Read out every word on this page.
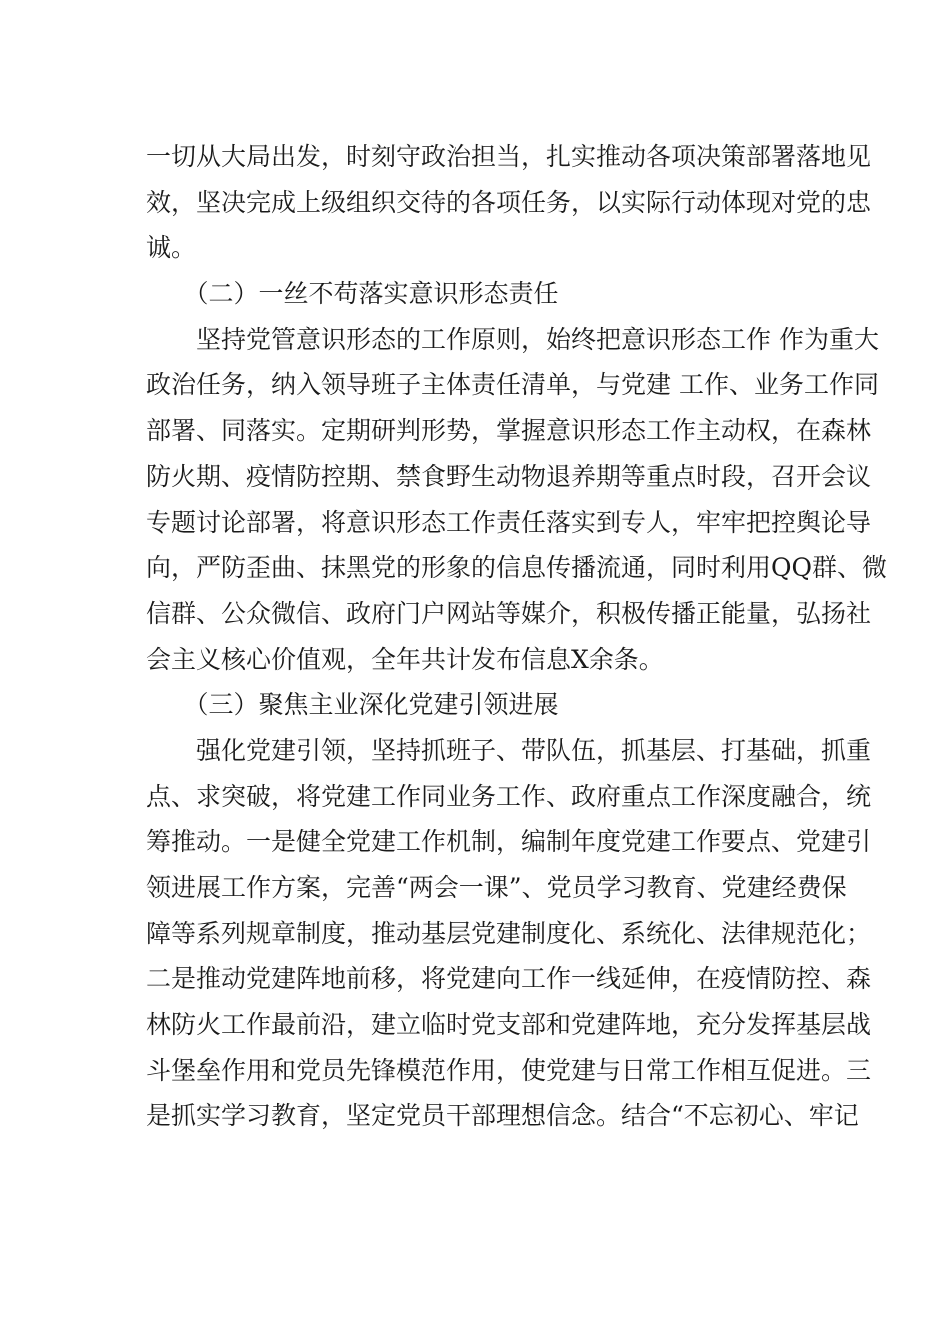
一切从大局出发，时刻守政治担当，扎实推动各项决策部署落地见
效，坚决完成上级组织交待的各项任务，以实际行动体现对党的忠
诚。
　　（二）一丝不苟落实意识形态责任
　　坚持党管意识形态的工作原则，始终把意识形态工作 作为重大
政治任务，纳入领导班子主体责任清单，与党建 工作、业务工作同
部署、同落实。定期研判形势，掌握意识形态工作主动权，在森林
防火期、疫情防控期、禁食野生动物退养期等重点时段，召开会议
专题讨论部署，将意识形态工作责任落实到专人，牢牢把控舆论导
向，严防歪曲、抹黑党的形象的信息传播流通，同时利用QQ群、微
信群、公众微信、政府门户网站等媒介，积极传播正能量，弘扬社
会主义核心价值观，全年共计发布信息X余条。
　　（三）聚焦主业深化党建引领进展
　　强化党建引领，坚持抓班子、带队伍，抓基层、打基础，抓重
点、求突破，将党建工作同业务工作、政府重点工作深度融合，统
筹推动。一是健全党建工作机制，编制年度党建工作要点、党建引
领进展工作方案，完善“两会一课”、党员学习教育、党建经费保
障等系列规章制度，推动基层党建制度化、系统化、法律规范化；
二是推动党建阵地前移，将党建向工作一线延伸，在疫情防控、森
林防火工作最前沿，建立临时党支部和党建阵地，充分发挥基层战
斗堡垒作用和党员先锋模范作用，使党建与日常工作相互促进。三
是抓实学习教育，坚定党员干部理想信念。结合“不忘初心、牢记
